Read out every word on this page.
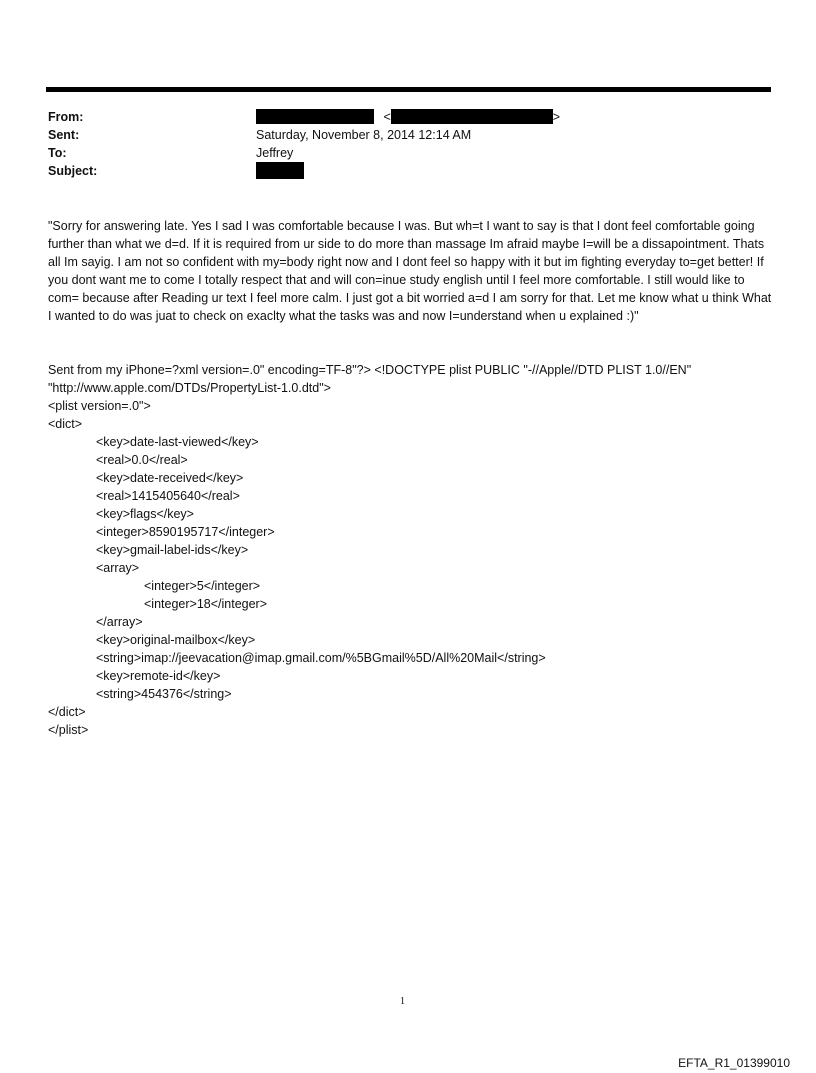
From:	<	>
Sent:	Saturday, November 8, 2014 12:14 AM
To:	Jeffrey
Subject:

"Sorry for answering late. Yes I sad I was comfortable because I was. But wh=t I want to say is that I dont feel comfortable going further than what we d=d. If it is required from ur side to do more than massage Im afraid maybe I=will be a dissapointment. Thats all Im sayig. I am not so confident with my=body right now and I dont feel so happy with it but im fighting everyday to=get better! If you dont want me to come I totally respect that and will con=inue study english until I feel more comfortable. I still would like to com= because after Reading ur text I feel more calm. I just got a bit worried a=d I am sorry for that. Let me know what u think What I wanted to do was juat to check on exaclty what the tasks was and now I=understand when u explained :)"

Sent from my iPhone=?xml version=.0" encoding=TF-8"?> <!DOCTYPE plist PUBLIC "-//Apple//DTD PLIST 1.0//EN"
"http://www.apple.com/DTDs/PropertyList-1.0.dtd">
<plist version=.0">
<dict>
<key>date-last-viewed</key>
<real>0.0</real>
<key>date-received</key>
<real>1415405640</real>
<key>flags</key>
<integer>8590195717</integer>
<key>gmail-label-ids</key>
<array>
<integer>5</integer>
<integer>18</integer>
</array>
<key>original-mailbox</key>
<string>imap://jeevacation@imap.gmail.com/%5BGmail%5D/All%20Mail</string>
<key>remote-id</key>
<string>454376</string>
</dict>
</plist>
1
EFTA_R1_01399010
